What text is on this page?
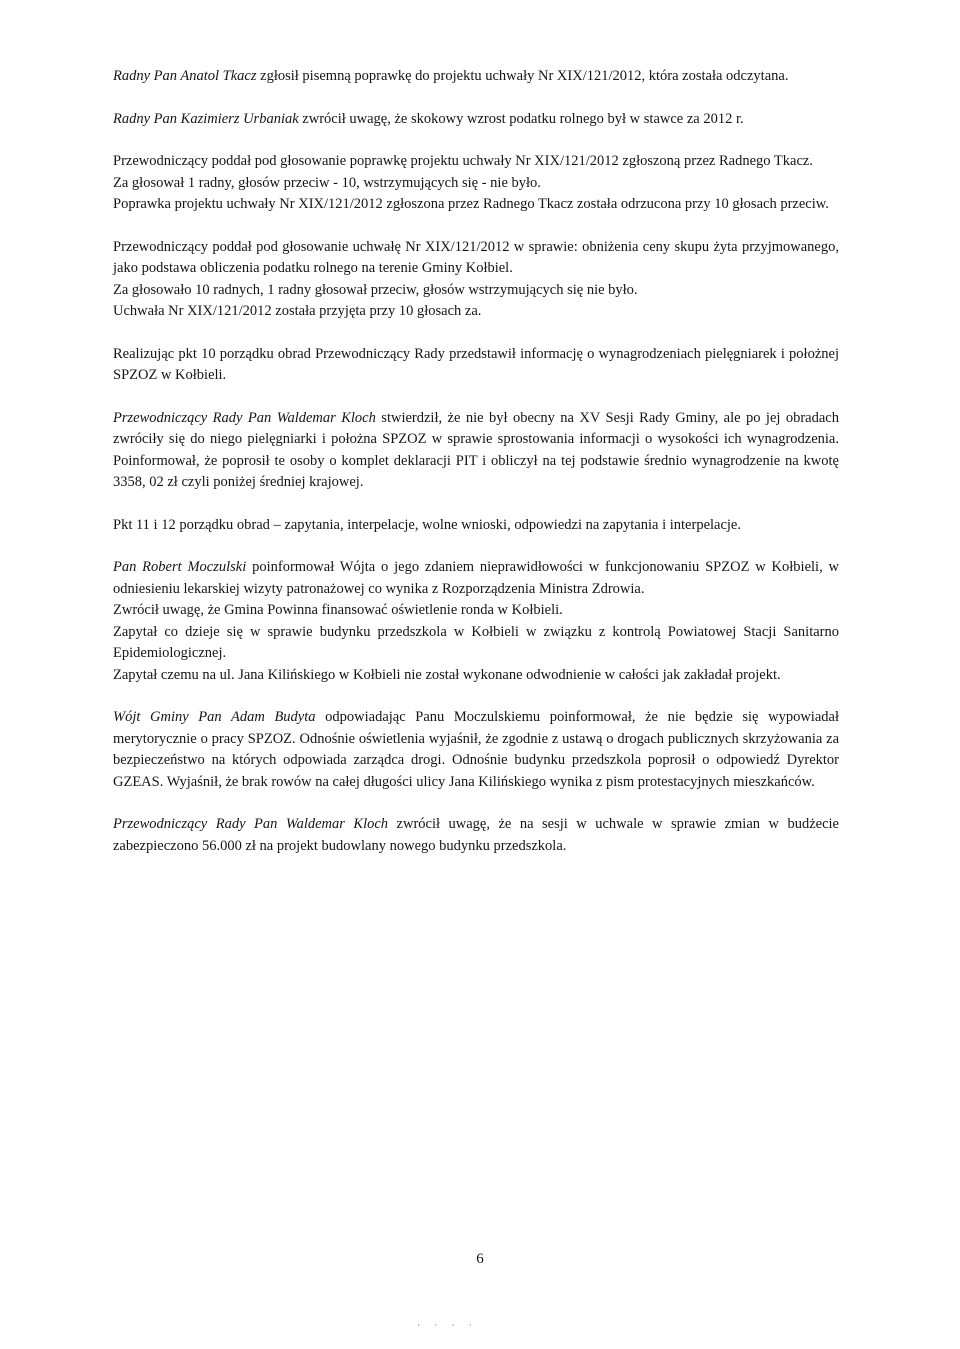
Radny Pan Anatol Tkacz zgłosił pisemną poprawkę do projektu uchwały Nr XIX/121/2012, która została odczytana.

Radny Pan Kazimierz Urbaniak zwrócił uwagę, że skokowy wzrost podatku rolnego był w stawce za 2012 r.

Przewodniczący poddał pod głosowanie poprawkę projektu uchwały Nr XIX/121/2012 zgłoszoną przez Radnego Tkacz.

Za głosował 1 radny, głosów przeciw - 10, wstrzymujących się - nie było.

Poprawka projektu uchwały Nr XIX/121/2012 zgłoszona przez Radnego Tkacz została odrzucona przy 10 głosach przeciw.

Przewodniczący poddał pod głosowanie uchwałę Nr XIX/121/2012 w sprawie: obniżenia ceny skupu żyta przyjmowanego, jako podstawa obliczenia podatku rolnego na terenie Gminy Kołbiel.

Za głosowało 10 radnych, 1 radny głosował przeciw, głosów wstrzymujących się nie było.

Uchwała Nr XIX/121/2012 została przyjęta przy 10 głosach za.

Realizując pkt 10 porządku obrad Przewodniczący Rady przedstawił informację o wynagrodzeniach pielęgniarek i położnej SPZOZ w Kołbieli.

Przewodniczący Rady Pan Waldemar Kloch stwierdził, że nie był obecny na XV Sesji Rady Gminy, ale po jej obradach zwróciły się do niego pielęgniarki i położna SPZOZ w sprawie sprostowania informacji o wysokości ich wynagrodzenia. Poinformował, że poprosił te osoby o komplet deklaracji PIT i obliczył na tej podstawie średnio wynagrodzenie na kwotę 3358, 02 zł czyli poniżej średniej krajowej.

Pkt 11 i 12 porządku obrad – zapytania, interpelacje, wolne wnioski, odpowiedzi na zapytania i interpelacje.

Pan Robert Moczulski poinformował Wójta o jego zdaniem nieprawidłowości w funkcjonowaniu SPZOZ w Kołbieli, w odniesieniu lekarskiej wizyty patronażowej co wynika z Rozporządzenia Ministra Zdrowia.

Zwrócił uwagę, że Gmina Powinna finansować oświetlenie ronda w Kołbieli.

Zapytał co dzieje się w sprawie budynku przedszkola w Kołbieli w związku z kontrolą Powiatowej Stacji Sanitarno Epidemiologicznej.

Zapytał czemu na ul. Jana Kilińskiego w Kołbieli nie został wykonane odwodnienie w całości jak zakładał projekt.

Wójt Gminy Pan Adam Budyta odpowiadając Panu Moczulskiemu poinformował, że nie będzie się wypowiadał merytorycznie o pracy SPZOZ. Odnośnie oświetlenia wyjaśnił, że zgodnie z ustawą o drogach publicznych skrzyżowania za bezpieczeństwo na których odpowiada zarządca drogi. Odnośnie budynku przedszkola poprosił o odpowiedź Dyrektor GZEAS. Wyjaśnił, że brak rowów na całej długości ulicy Jana Kilińskiego wynika z pism protestacyjnych mieszkańców.

Przewodniczący Rady Pan Waldemar Kloch zwrócił uwagę, że na sesji w uchwale w sprawie zmian w budżecie zabezpieczono 56.000 zł na projekt budowlany nowego budynku przedszkola.

6
· · · ·
